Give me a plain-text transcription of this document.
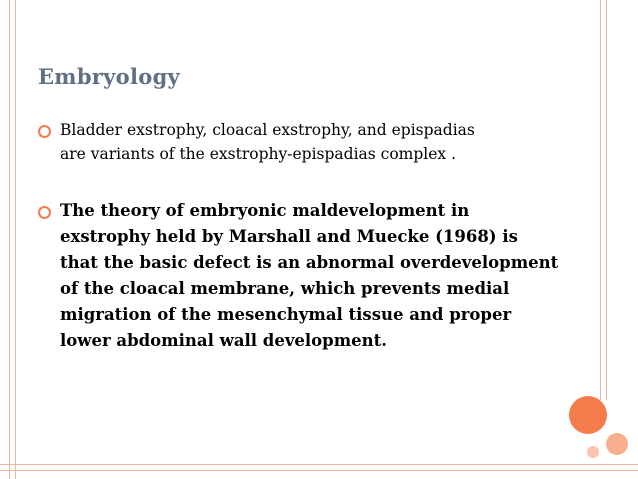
Embryology
Bladder exstrophy, cloacal exstrophy, and epispadias are variants of the exstrophy-epispadias complex .
The theory of embryonic maldevelopment in exstrophy held by Marshall and Muecke (1968) is that the basic defect is an abnormal overdevelopment of the cloacal membrane, which prevents medial migration of the mesenchymal tissue and proper lower abdominal wall development.
